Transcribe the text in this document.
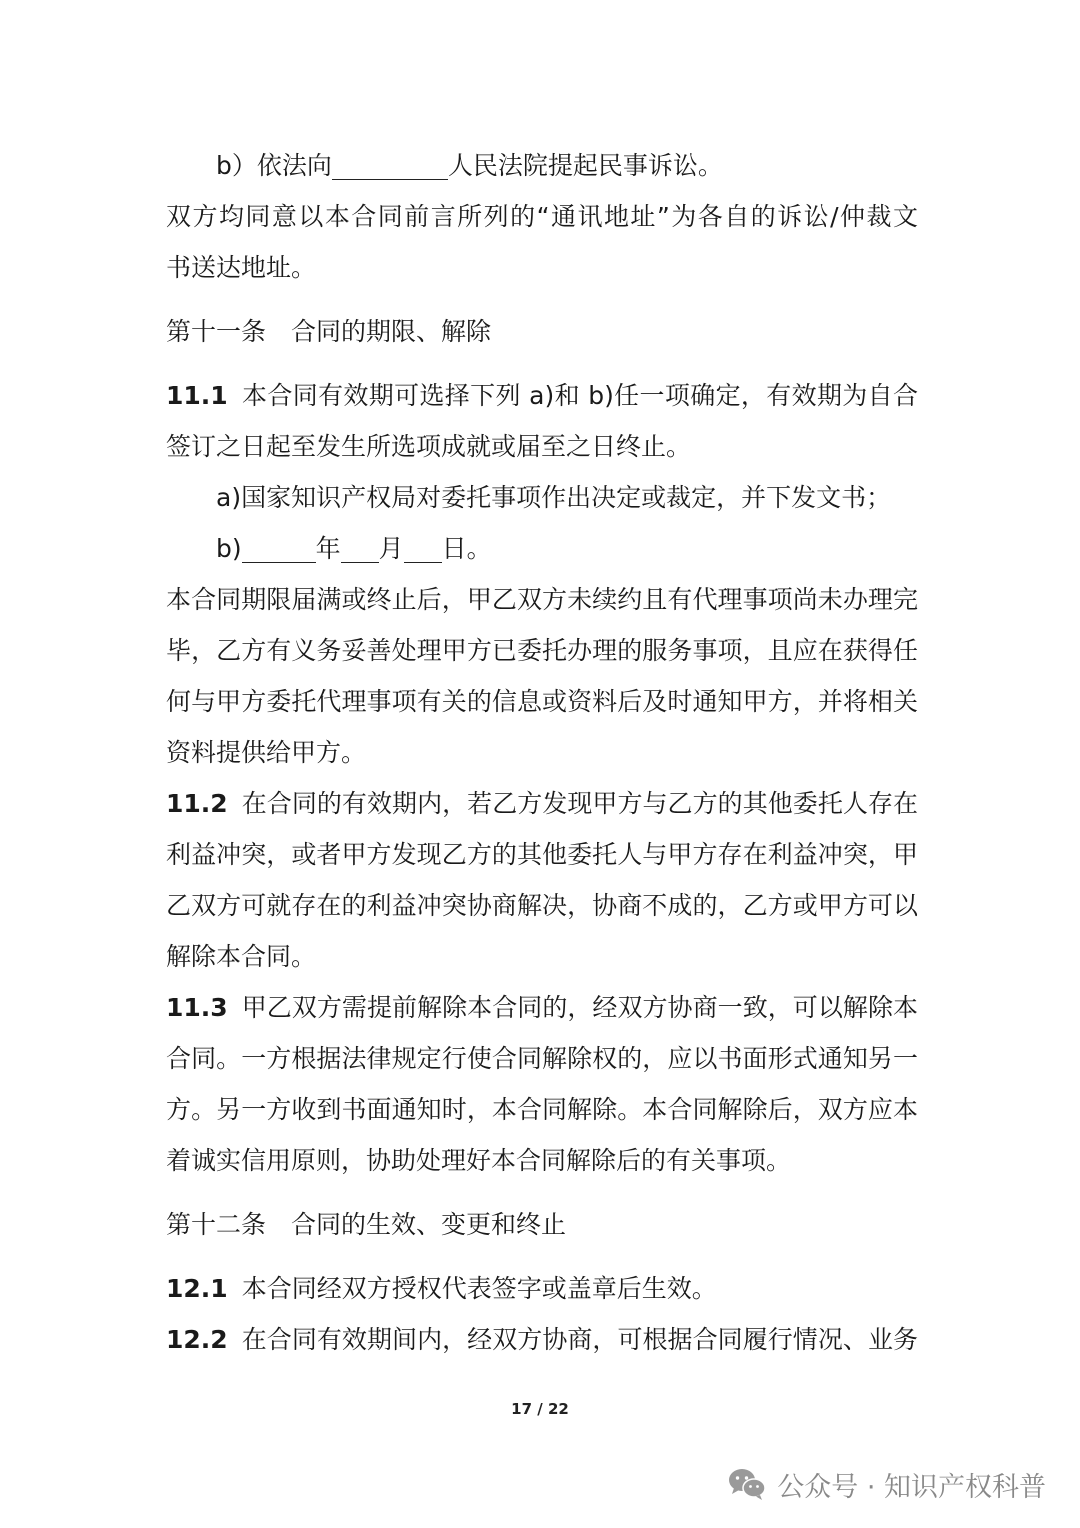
b）依法向	人民法院提起民事诉讼。
双方均同意以本合同前言所列的“通讯地址”为各自的诉讼/仲裁文
书送达地址。
第十一条　合同的期限、解除
11.1 本合同有效期可选择下列 a)和 b)任一项确定，有效期为自合
签订之日起至发生所选项成就或届至之日终止。
a)国家知识产权局对委托事项作出决定或裁定，并下发文书；
b)	年 月 日。
本合同期限届满或终止后，甲乙双方未续约且有代理事项尚未办理完
毕，乙方有义务妥善处理甲方已委托办理的服务事项，且应在获得任
何与甲方委托代理事项有关的信息或资料后及时通知甲方，并将相关
资料提供给甲方。
11.2 在合同的有效期内，若乙方发现甲方与乙方的其他委托人存在
利益冲突，或者甲方发现乙方的其他委托人与甲方存在利益冲突，甲
乙双方可就存在的利益冲突协商解决，协商不成的，乙方或甲方可以
解除本合同。
11.3 甲乙双方需提前解除本合同的，经双方协商一致，可以解除本
合同。一方根据法律规定行使合同解除权的，应以书面形式通知另一
方。另一方收到书面通知时，本合同解除。本合同解除后，双方应本
着诚实信用原则，协助处理好本合同解除后的有关事项。
第十二条　合同的生效、变更和终止
12.1 本合同经双方授权代表签字或盖章后生效。
12.2 在合同有效期间内，经双方协商，可根据合同履行情况、业务
17 / 22
公众号 · 知识产权科普
